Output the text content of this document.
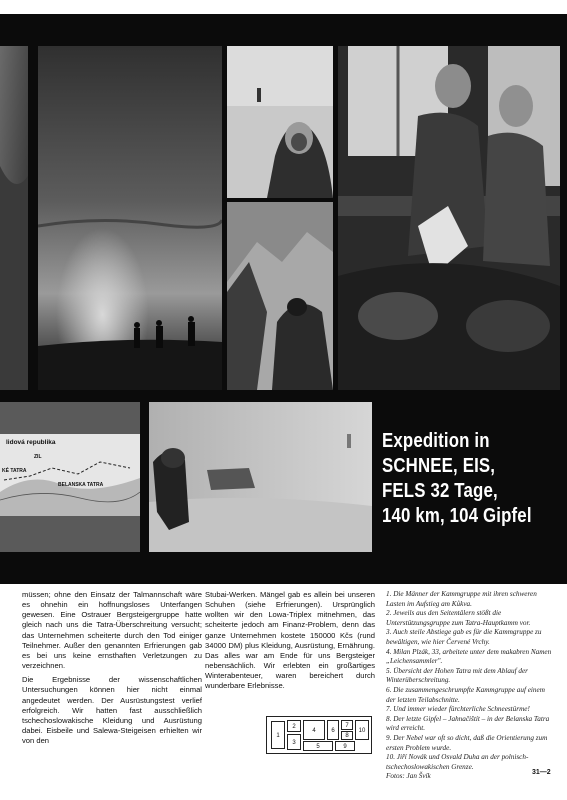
lidová republika
ZIL
KÉ TATRA
BELANSKA TATRA
Expedition in
SCHNEE, EIS,
FELS 32 Tage,
140 km, 104 Gipfel

müssen; ohne den Einsatz der Talmannschaft wäre es ohnehin ein hoffnungsloses Unterfangen gewesen. Eine Ostrauer Bergsteigergruppe hatte gleich nach uns die Tatra-Überschreitung versucht; das Unternehmen scheiterte durch den Tod einiger Teilnehmer. Außer den genannten Erfrierungen gab es bei uns keine ernsthaften Verletzungen zu verzeichnen.

Die Ergebnisse der wissenschaftlichen Untersuchungen können hier nicht einmal angedeutet werden. Der Ausrüstungstest verlief erfolgreich. Wir hatten fast ausschließlich tschechoslowakische Kleidung und Ausrüstung dabei. Eisbeile und Salewa-Steigeisen erhielten wir von den

Stubai-Werken. Mängel gab es allein bei unseren Schuhen (siehe Erfrierungen). Ursprünglich wollten wir den Lowa-Triplex mitnehmen, das scheiterte jedoch am Finanz-Problem, denn das ganze Unternehmen kostete 150000 Kčs (rund 34000 DM) plus Kleidung, Ausrüstung, Ernährung. Das alles war am Ende für uns Bergsteiger nebensächlich. Wir erlebten ein großartiges Winterabenteuer, waren bereichert durch wunderbare Erlebnisse.

1. Die Männer der Kammgruppe mit ihren schweren Lasten im Aufstieg am Kůkva.
2. Jeweils aus den Seitentälern stößt die Unterstützungsgruppe zum Tatra-Hauptkamm vor.
3. Auch steile Abstiege gab es für die Kammgruppe zu bewältigen, wie hier Červené Vrchy.
4. Milan Plzák, 33, arbeitete unter dem makabren Namen „Leichensammler".
5. Übersicht der Hohen Tatra mit dem Ablauf der Winterüberschreitung.
6. Die zusammengeschrumpfte Kammgruppe auf einem der letzten Teilabschnitte.
7. Und immer wieder fürchterliche Schneestürme!
8. Der letzte Gipfel – Jahnačištít – in der Belanska Tatra wird erreicht.
9. Der Nebel war oft so dicht, daß die Orientierung zum ersten Problem wurde.
10. Jiří Novák und Osvald Duha an der polnisch-tschechoslowakischen Grenze.
Fotos: Jan Švík
1
2
3
4
5
6
7
8
9
10
31—2
